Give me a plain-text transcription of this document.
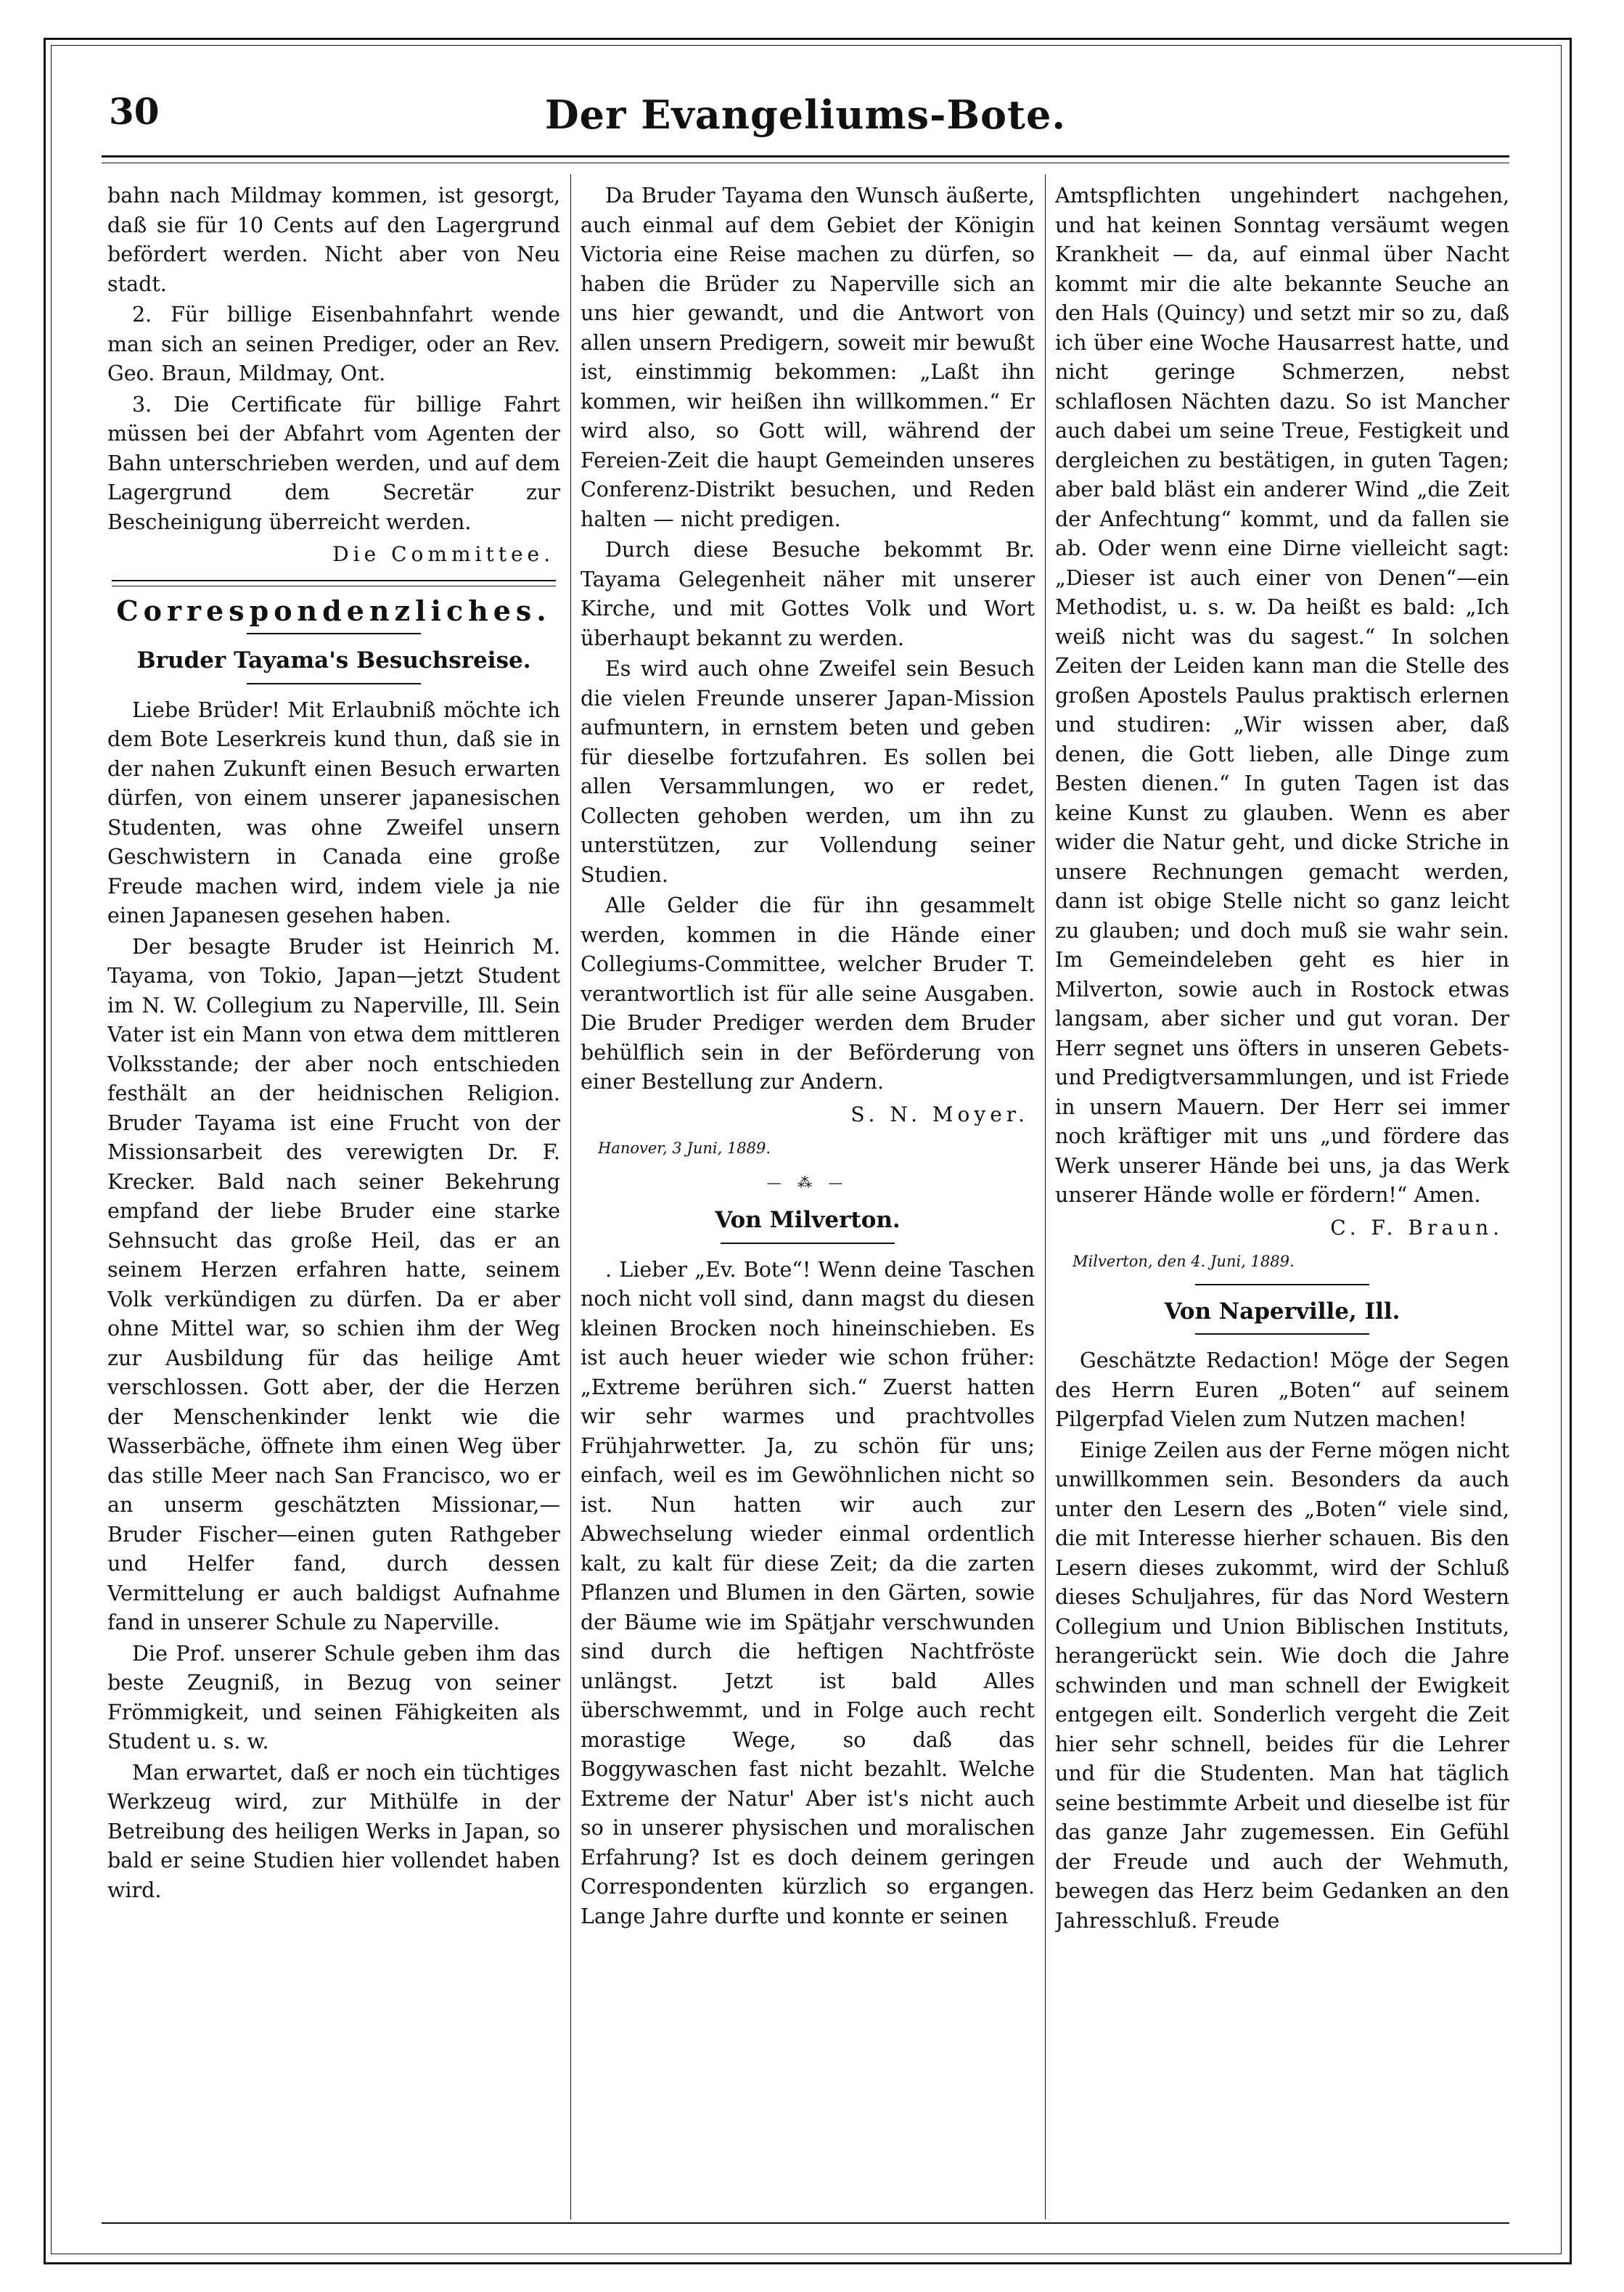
30	Der Evangeliums-Bote.

bahn nach Mildmay kommen, ist gesorgt, daß sie für 10 Cents auf den Lagergrund befördert werden. Nicht aber von Neu stadt.

2. Für billige Eisenbahnfahrt wende man sich an seinen Prediger, oder an Rev. Geo. Braun, Mildmay, Ont.

3. Die Certificate für billige Fahrt müssen bei der Abfahrt vom Agenten der Bahn unterschrieben werden, und auf dem Lagergrund dem Secretär zur Bescheinigung überreicht werden.

Die Committee.
Correspondenzliches.
Bruder Tayama's Besuchsreise.

Liebe Brüder! Mit Erlaubniß möchte ich dem Bote Leserkreis kund thun, daß sie in der nahen Zukunft einen Besuch erwarten dürfen, von einem unserer japanesischen Studenten, was ohne Zweifel unsern Geschwistern in Canada eine große Freude machen wird, indem viele ja nie einen Japanesen gesehen haben.

Der besagte Bruder ist Heinrich M. Tayama, von Tokio, Japan—jetzt Student im N. W. Collegium zu Naperville, Ill. Sein Vater ist ein Mann von etwa dem mittleren Volksstande; der aber noch entschieden festhält an der heidnischen Religion. Bruder Tayama ist eine Frucht von der Missionsarbeit des verewigten Dr. F. Krecker. Bald nach seiner Bekehrung empfand der liebe Bruder eine starke Sehnsucht das große Heil, das er an seinem Herzen erfahren hatte, seinem Volk verkündigen zu dürfen. Da er aber ohne Mittel war, so schien ihm der Weg zur Ausbildung für das heilige Amt verschlossen. Gott aber, der die Herzen der Menschenkinder lenkt wie die Wasserbäche, öffnete ihm einen Weg über das stille Meer nach San Francisco, wo er an unserm geschätzten Missionar,—Bruder Fischer—einen guten Rathgeber und Helfer fand, durch dessen Vermittelung er auch baldigst Aufnahme fand in unserer Schule zu Naperville.

Die Prof. unserer Schule geben ihm das beste Zeugniß, in Bezug von seiner Frömmigkeit, und seinen Fähigkeiten als Student u. s. w.

Man erwartet, daß er noch ein tüchtiges Werkzeug wird, zur Mithülfe in der Betreibung des heiligen Werks in Japan, so bald er seine Studien hier vollendet haben wird.

Da Bruder Tayama den Wunsch äußerte, auch einmal auf dem Gebiet der Königin Victoria eine Reise machen zu dürfen, so haben die Brüder zu Naperville sich an uns hier gewandt, und die Antwort von allen unsern Predigern, soweit mir bewußt ist, einstimmig bekommen: „Laßt ihn kommen, wir heißen ihn willkommen.“ Er wird also, so Gott will, während der Fereien-Zeit die haupt Gemeinden unseres Conferenz-Distrikt besuchen, und Reden halten — nicht predigen.

Durch diese Besuche bekommt Br. Tayama Gelegenheit näher mit unserer Kirche, und mit Gottes Volk und Wort überhaupt bekannt zu werden.

Es wird auch ohne Zweifel sein Besuch die vielen Freunde unserer Japan-Mission aufmuntern, in ernstem beten und geben für dieselbe fortzufahren. Es sollen bei allen Versammlungen, wo er redet, Collecten gehoben werden, um ihn zu unterstützen, zur Vollendung seiner Studien.

Alle Gelder die für ihn gesammelt werden, kommen in die Hände einer Collegiums-Committee, welcher Bruder T. verantwortlich ist für alle seine Ausgaben. Die Bruder Prediger werden dem Bruder behülflich sein in der Beförderung von einer Bestellung zur Andern.

S. N. Moyer.

Hanover, 3 Juni, 1889.

— ⁂ —
Von Milverton.

. Lieber „Ev. Bote“! Wenn deine Taschen noch nicht voll sind, dann magst du diesen kleinen Brocken noch hineinschieben. Es ist auch heuer wieder wie schon früher: „Extreme berühren sich.“ Zuerst hatten wir sehr warmes und prachtvolles Frühjahrwetter. Ja, zu schön für uns; einfach, weil es im Gewöhnlichen nicht so ist. Nun hatten wir auch zur Abwechselung wieder einmal ordentlich kalt, zu kalt für diese Zeit; da die zarten Pflanzen und Blumen in den Gärten, sowie der Bäume wie im Spätjahr verschwunden sind durch die heftigen Nachtfröste unlängst. Jetzt ist bald Alles überschwemmt, und in Folge auch recht morastige Wege, so daß das Boggywaschen fast nicht bezahlt. Welche Extreme der Natur' Aber ist's nicht auch so in unserer physischen und moralischen Erfahrung? Ist es doch deinem geringen Correspondenten kürzlich so ergangen. Lange Jahre durfte und konnte er seinen

Amtspflichten ungehindert nachgehen, und hat keinen Sonntag versäumt wegen Krankheit — da, auf einmal über Nacht kommt mir die alte bekannte Seuche an den Hals (Quincy) und setzt mir so zu, daß ich über eine Woche Hausarrest hatte, und nicht geringe Schmerzen, nebst schlaflosen Nächten dazu. So ist Mancher auch dabei um seine Treue, Festigkeit und dergleichen zu bestätigen, in guten Tagen; aber bald bläst ein anderer Wind „die Zeit der Anfechtung“ kommt, und da fallen sie ab. Oder wenn eine Dirne vielleicht sagt: „Dieser ist auch einer von Denen“—ein Methodist, u. s. w. Da heißt es bald: „Ich weiß nicht was du sagest.“ In solchen Zeiten der Leiden kann man die Stelle des großen Apostels Paulus praktisch erlernen und studiren: „Wir wissen aber, daß denen, die Gott lieben, alle Dinge zum Besten dienen.“ In guten Tagen ist das keine Kunst zu glauben. Wenn es aber wider die Natur geht, und dicke Striche in unsere Rechnungen gemacht werden, dann ist obige Stelle nicht so ganz leicht zu glauben; und doch muß sie wahr sein. Im Gemeindeleben geht es hier in Milverton, sowie auch in Rostock etwas langsam, aber sicher und gut voran. Der Herr segnet uns öfters in unseren Gebets- und Predigtversammlungen, und ist Friede in unsern Mauern. Der Herr sei immer noch kräftiger mit uns „und fördere das Werk unserer Hände bei uns, ja das Werk unserer Hände wolle er fördern!“ Amen.

C. F. Braun.

Milverton, den 4. Juni, 1889.

Von Naperville, Ill.

Geschätzte Redaction! Möge der Segen des Herrn Euren „Boten“ auf seinem Pilgerpfad Vielen zum Nutzen machen!

Einige Zeilen aus der Ferne mögen nicht unwillkommen sein. Besonders da auch unter den Lesern des „Boten“ viele sind, die mit Interesse hierher schauen. Bis den Lesern dieses zukommt, wird der Schluß dieses Schuljahres, für das Nord Western Collegium und Union Biblischen Instituts, herangerückt sein. Wie doch die Jahre schwinden und man schnell der Ewigkeit entgegen eilt. Sonderlich vergeht die Zeit hier sehr schnell, beides für die Lehrer und für die Studenten. Man hat täglich seine bestimmte Arbeit und dieselbe ist für das ganze Jahr zugemessen. Ein Gefühl der Freude und auch der Wehmuth, bewegen das Herz beim Gedanken an den Jahresschluß. Freude
